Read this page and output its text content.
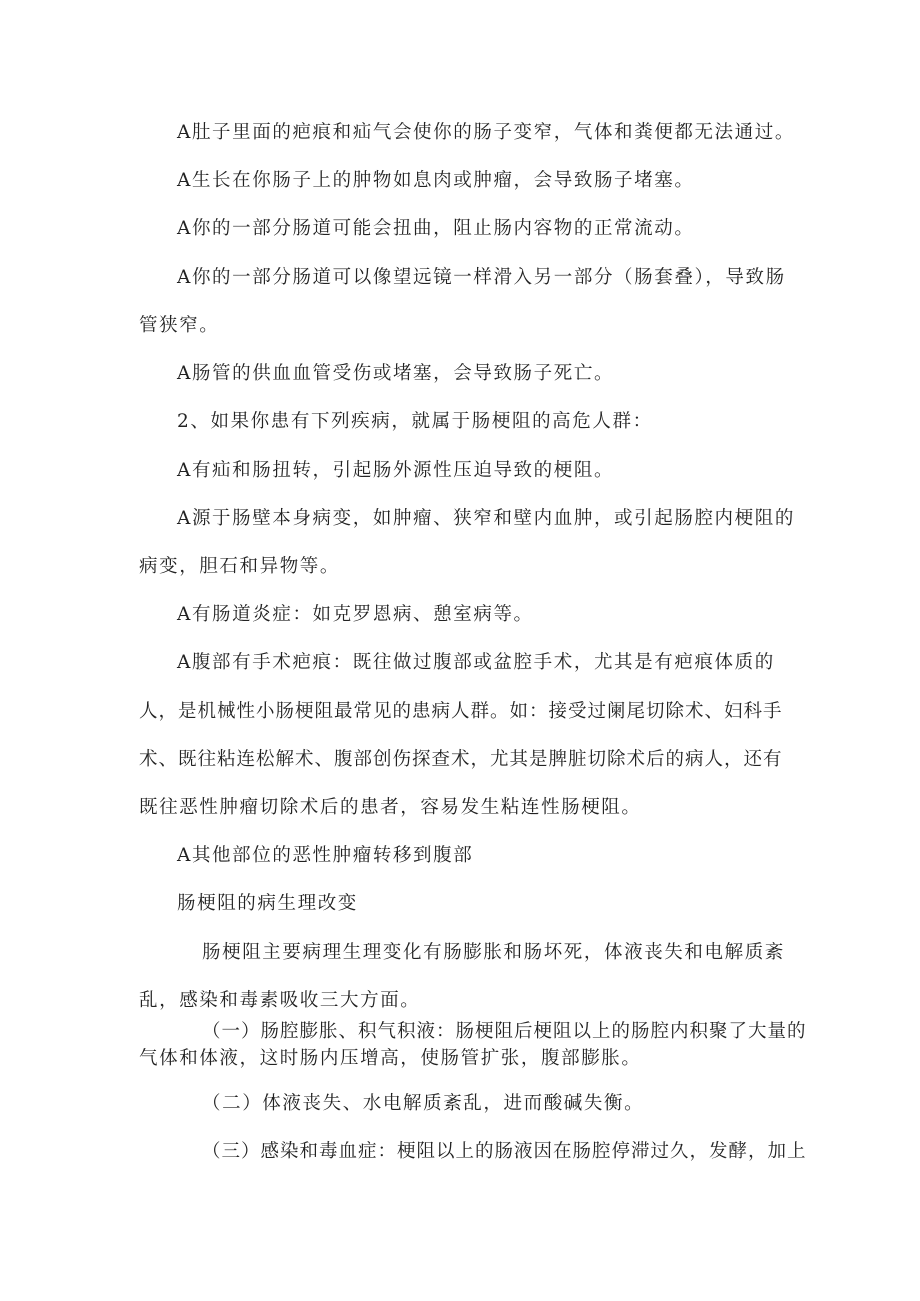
A肚子里面的疤痕和疝气会使你的肠子变窄，气体和粪便都无法通过。
A生长在你肠子上的肿物如息肉或肿瘤，会导致肠子堵塞。
A你的一部分肠道可能会扭曲，阻止肠内容物的正常流动。
A你的一部分肠道可以像望远镜一样滑入另一部分（肠套叠），导致肠
管狭窄。
A肠管的供血血管受伤或堵塞，会导致肠子死亡。
2、如果你患有下列疾病，就属于肠梗阻的高危人群：
A有疝和肠扭转，引起肠外源性压迫导致的梗阻。
A源于肠壁本身病变，如肿瘤、狭窄和壁内血肿，或引起肠腔内梗阻的
病变，胆石和异物等。
A有肠道炎症：如克罗恩病、憩室病等。
A腹部有手术疤痕：既往做过腹部或盆腔手术，尤其是有疤痕体质的
人，是机械性小肠梗阻最常见的患病人群。如：接受过阑尾切除术、妇科手
术、既往粘连松解术、腹部创伤探查术，尤其是脾脏切除术后的病人，还有
既往恶性肿瘤切除术后的患者，容易发生粘连性肠梗阻。
A其他部位的恶性肿瘤转移到腹部
肠梗阻的病生理改变
肠梗阻主要病理生理变化有肠膨胀和肠坏死，体液丧失和电解质紊
乱，感染和毒素吸收三大方面。
（一）肠腔膨胀、积气积液：肠梗阻后梗阻以上的肠腔内积聚了大量的
气体和体液，这时肠内压增高，使肠管扩张，腹部膨胀。
（二）体液丧失、水电解质紊乱，进而酸碱失衡。
（三）感染和毒血症：梗阻以上的肠液因在肠腔停滞过久，发酵，加上
